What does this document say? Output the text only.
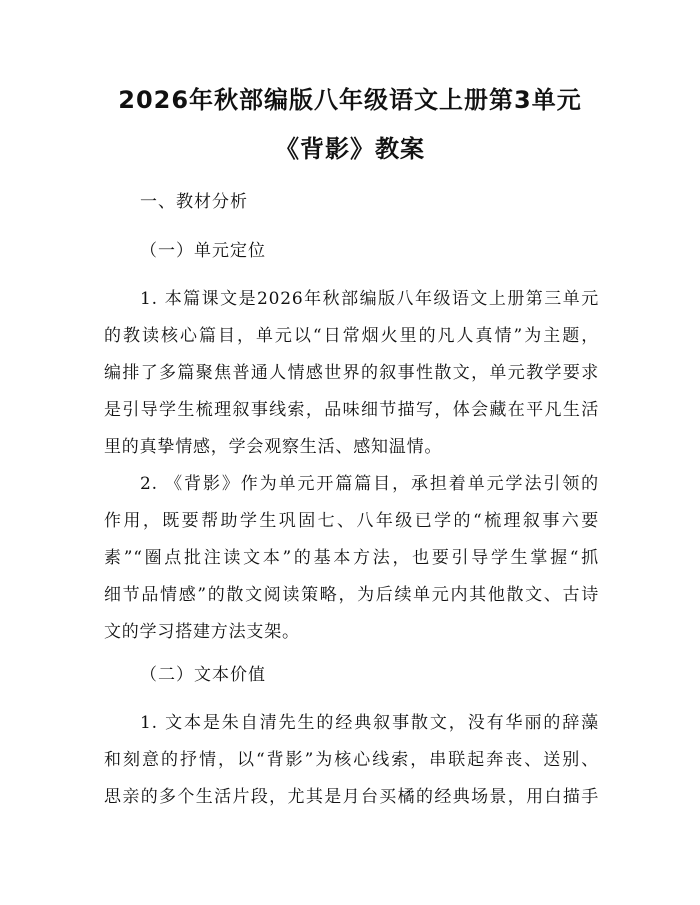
2026年秋部编版八年级语文上册第3单元
《背影》教案
一、教材分析
（一）单元定位
1. 本篇课文是2026年秋部编版八年级语文上册第三单元
的教读核心篇目，单元以“日常烟火里的凡人真情”为主题，
编排了多篇聚焦普通人情感世界的叙事性散文，单元教学要求
是引导学生梳理叙事线索，品味细节描写，体会藏在平凡生活
里的真挚情感，学会观察生活、感知温情。
2. 《背影》作为单元开篇篇目，承担着单元学法引领的
作用，既要帮助学生巩固七、八年级已学的“梳理叙事六要
素”“圈点批注读文本”的基本方法，也要引导学生掌握“抓
细节品情感”的散文阅读策略，为后续单元内其他散文、古诗
文的学习搭建方法支架。
（二）文本价值
1. 文本是朱自清先生的经典叙事散文，没有华丽的辞藻
和刻意的抒情，以“背影”为核心线索，串联起奔丧、送别、
思亲的多个生活片段，尤其是月台买橘的经典场景，用白描手
